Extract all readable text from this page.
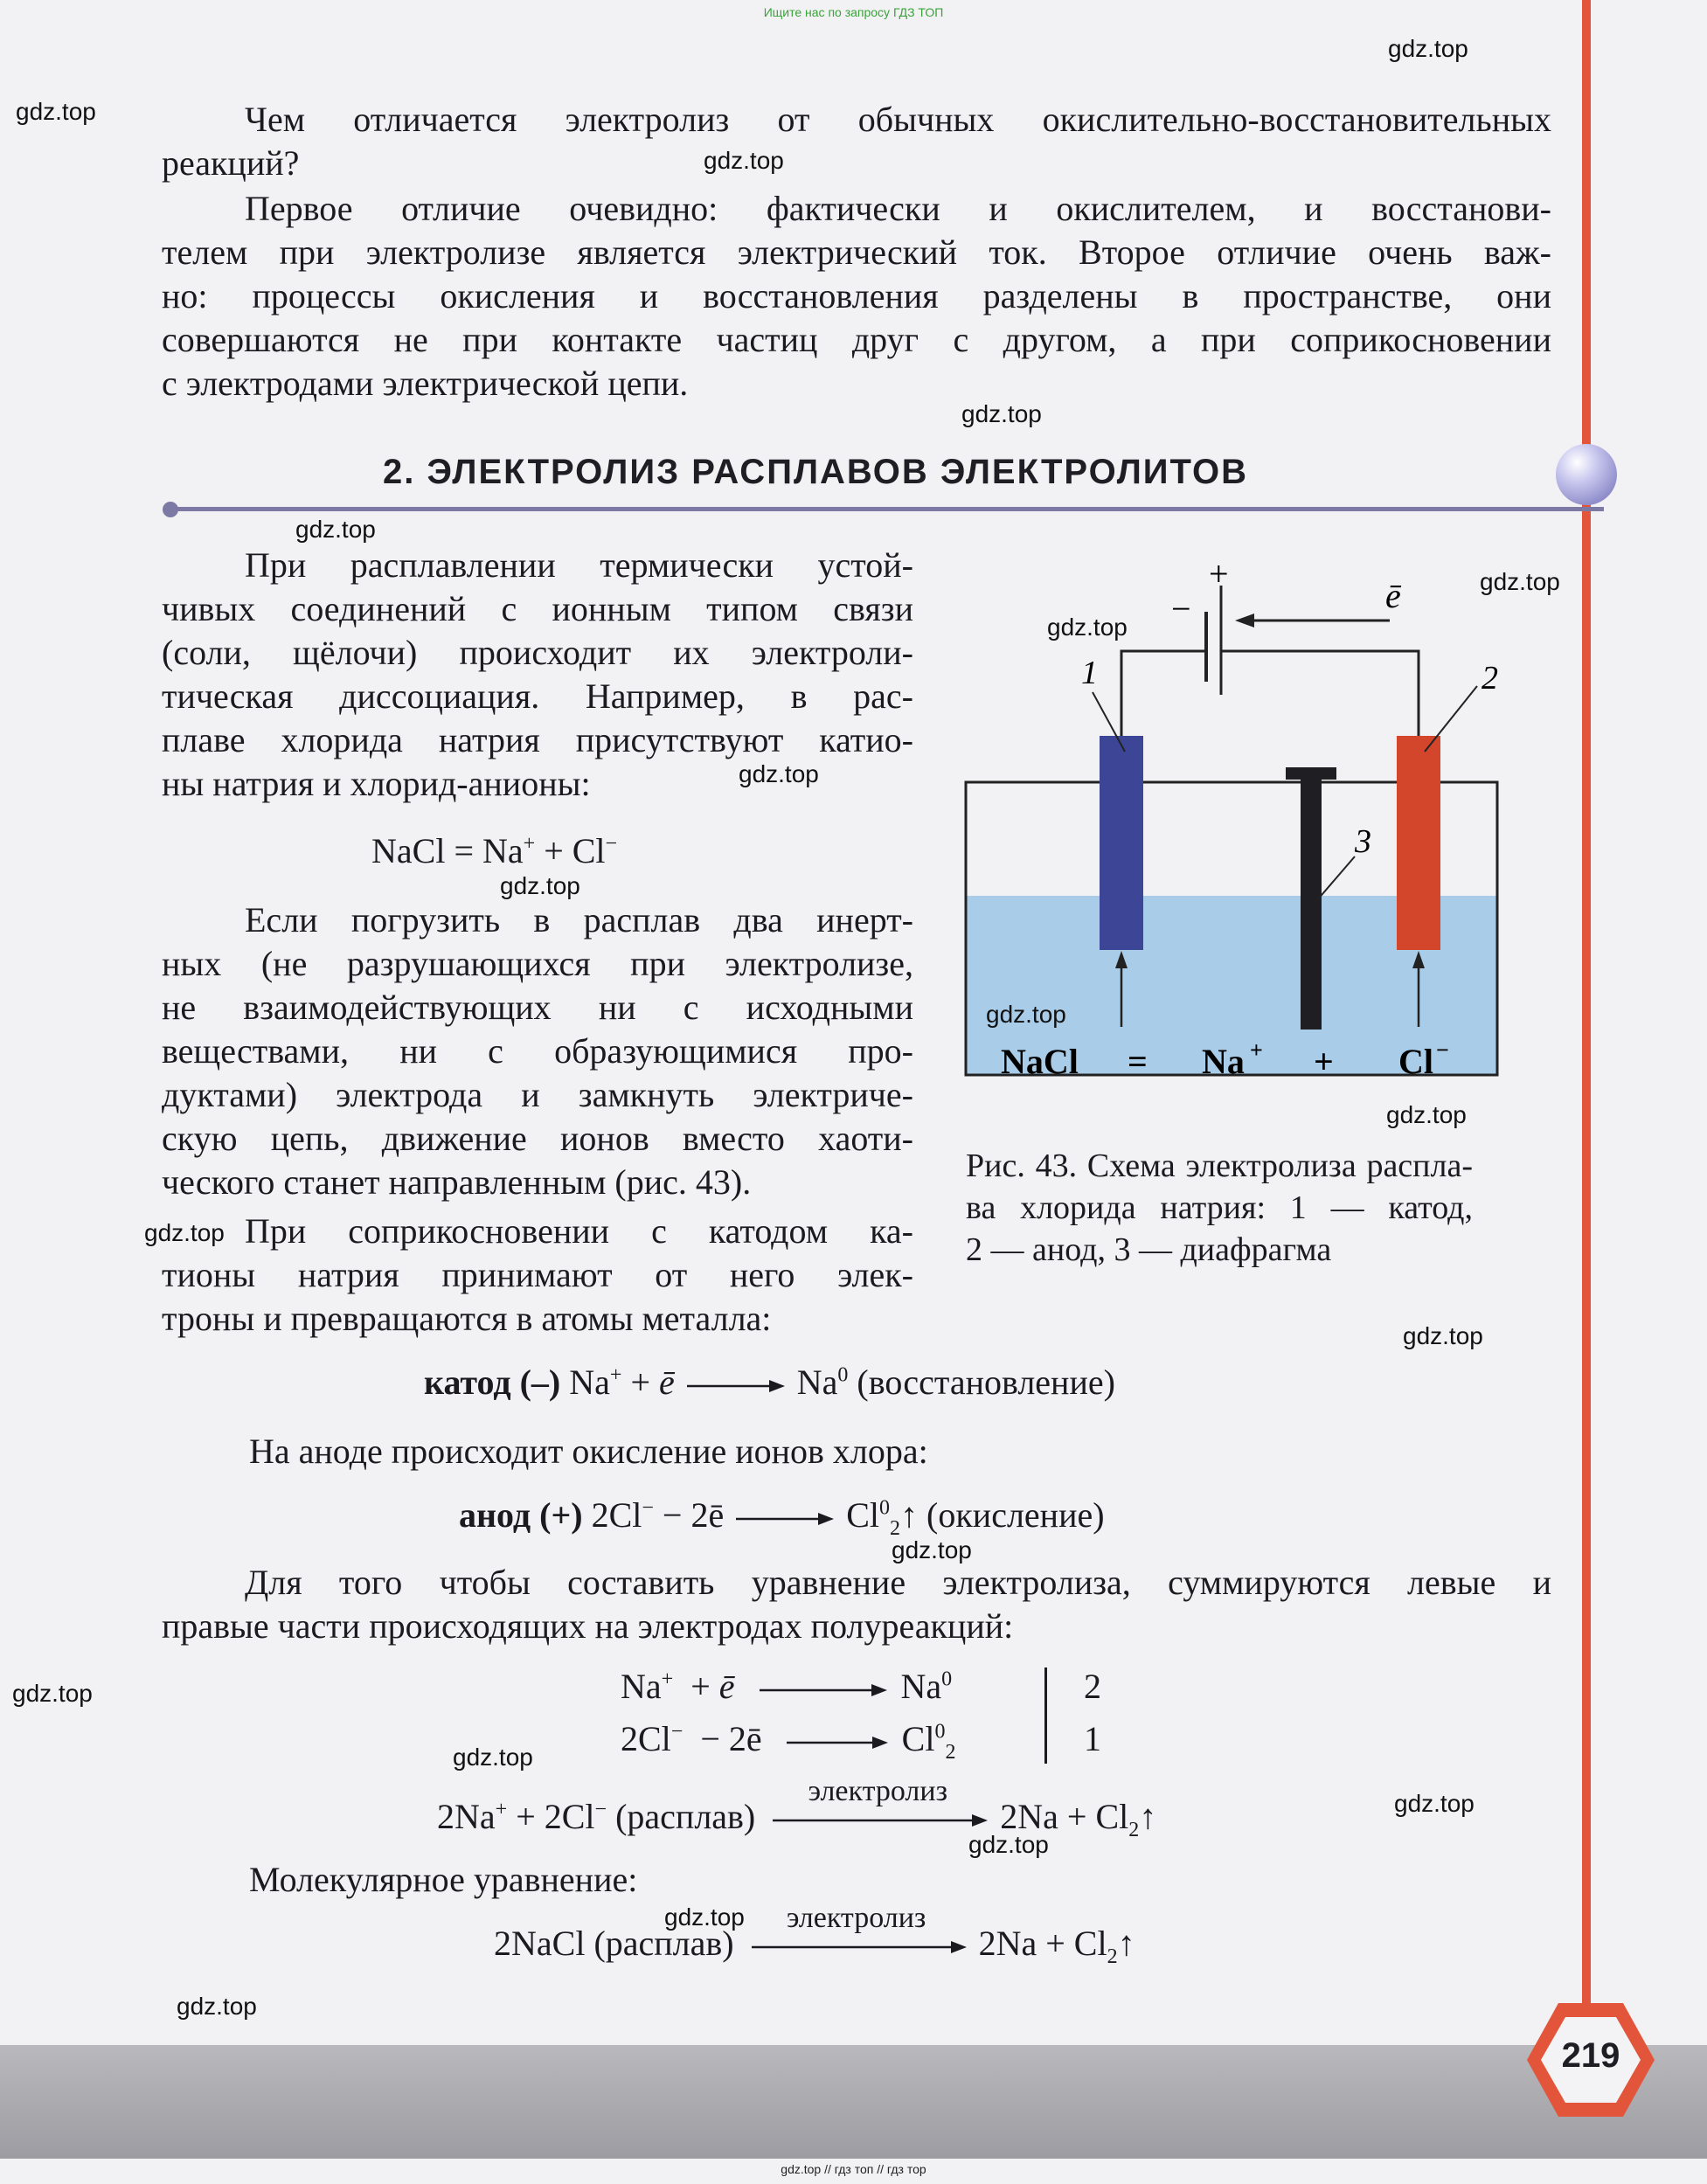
Ищите нас по запросу ГДЗ ТОП
Чем отличается электролиз от обычных окислительно-восстановительных
реакций?
Первое отличие очевидно: фактически и окислителем, и восстанови-
телем при электролизе является электрический ток. Второе отличие очень важ-
но: процессы окисления и восстановления разделены в пространстве, они
совершаются не при контакте частиц друг с другом, а при соприкосновении
с электродами электрической цепи.
2. ЭЛЕКТРОЛИЗ РАСПЛАВОВ ЭЛЕКТРОЛИТОВ
При расплавлении термически устой-
чивых соединений с ионным типом связи
(соли, щёлочи) происходит их электроли-
тическая диссоциация. Например, в рас-
плаве хлорида натрия присутствуют катио-
ны натрия и хлорид-анионы:
NaCl = Na+ + Cl−
Если погрузить в расплав два инерт-
ных (не разрушающихся при электролизе,
не взаимодействующих ни с исходными
веществами, ни с образующимися про-
дуктами) электрода и замкнуть электриче-
скую цепь, движение ионов вместо хаоти-
ческого станет направленным (рис. 43).
При соприкосновении с катодом ка-
тионы натрия принимают от него элек-
троны и превращаются в атомы металла:
+
−	ē
1	2
3
NaCl = Na + + Cl −
Рис. 43. Схема электролиза распла-
ва хлорида натрия: 1 — катод,
2 — анод, 3 — диафрагма
катод (–) Na+ + ē → $Na^0$ (восстановление)
На аноде происходит окисление ионов хлора:
анод (+) 2Cl− − 2ē → $Cl^0_2↑$ (окисление)
Для того чтобы составить уравнение электролиза, суммируются левые и
правые части происходящих на электродах полуреакций:
Na+ + ē	Na$^0$
2Cl− − 2ē → $Cl^0_2$
2
1
2Na+ + 2Cl− (расплав)
электролиз
$2Na + Cl_2↑$
Молекулярное уравнение:
2NaCl (расплав)
электролиз
$2Na + Cl_2↑$
219
gdz.top // гдз топ // гдз тор
gdz.top
gdz.top
gdz.top
gdz.top
gdz.top
gdz.top
gdz.top
gdz.top
gdz.top
gdz.top
gdz.top
gdz.top
gdz.top
gdz.top
gdz.top
gdz.top
gdz.top
gdz.top
gdz.top
gdz.top
